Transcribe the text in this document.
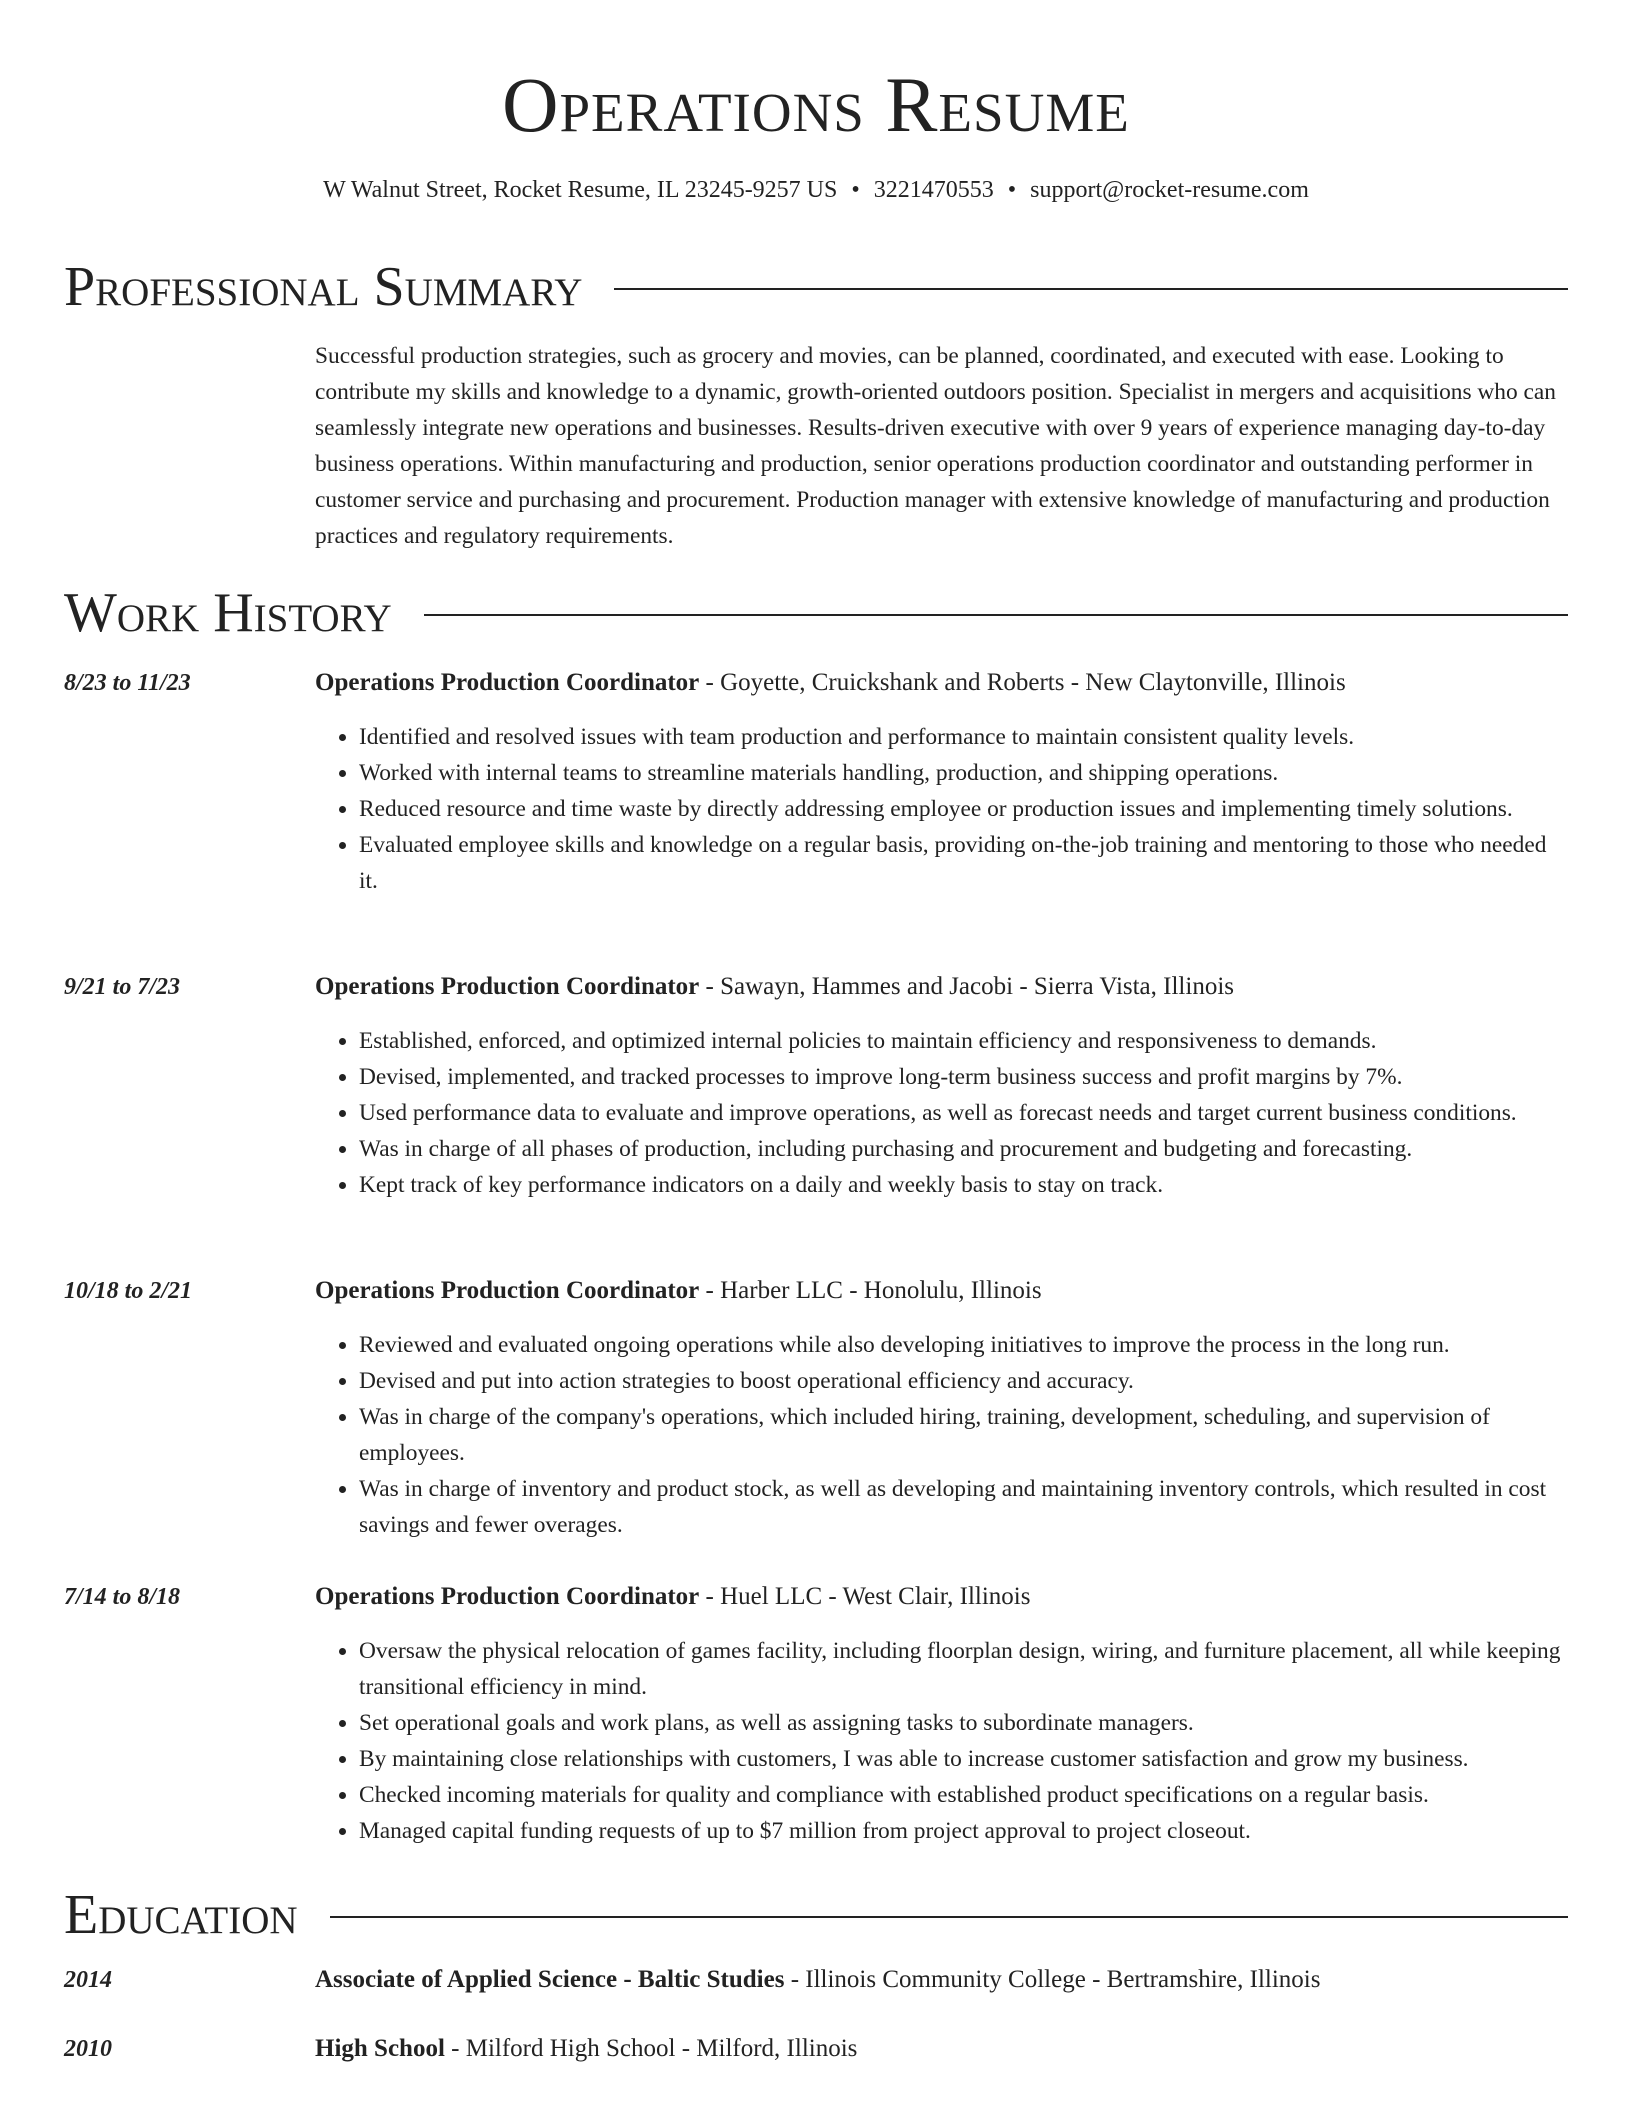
Operations Resume
W Walnut Street, Rocket Resume, IL 23245-9257 US • 3221470553 • support@rocket-resume.com
Professional Summary

Successful production strategies, such as grocery and movies, can be planned, coordinated, and executed with ease. Looking to contribute my skills and knowledge to a dynamic, growth-oriented outdoors position. Specialist in mergers and acquisitions who can seamlessly integrate new operations and businesses. Results-driven executive with over 9 years of experience managing day-to-day business operations. Within manufacturing and production, senior operations production coordinator and outstanding performer in customer service and purchasing and procurement. Production manager with extensive knowledge of manufacturing and production practices and regulatory requirements.

Work History
8/23 to 11/23	Operations Production Coordinator - Goyette, Cruickshank and Roberts - New Claytonville, Illinois
• Identified and resolved issues with team production and performance to maintain consistent quality levels.
• Worked with internal teams to streamline materials handling, production, and shipping operations.
• Reduced resource and time waste by directly addressing employee or production issues and implementing timely solutions.
• Evaluated employee skills and knowledge on a regular basis, providing on-the-job training and mentoring to those who needed it.
9/21 to 7/23	Operations Production Coordinator - Sawayn, Hammes and Jacobi - Sierra Vista, Illinois
• Established, enforced, and optimized internal policies to maintain efficiency and responsiveness to demands.
• Devised, implemented, and tracked processes to improve long-term business success and profit margins by 7%.
• Used performance data to evaluate and improve operations, as well as forecast needs and target current business conditions.
• Was in charge of all phases of production, including purchasing and procurement and budgeting and forecasting.
• Kept track of key performance indicators on a daily and weekly basis to stay on track.
10/18 to 2/21	Operations Production Coordinator - Harber LLC - Honolulu, Illinois
• Reviewed and evaluated ongoing operations while also developing initiatives to improve the process in the long run.
• Devised and put into action strategies to boost operational efficiency and accuracy.
• Was in charge of the company's operations, which included hiring, training, development, scheduling, and supervision of employees.
• Was in charge of inventory and product stock, as well as developing and maintaining inventory controls, which resulted in cost savings and fewer overages.
7/14 to 8/18	Operations Production Coordinator - Huel LLC - West Clair, Illinois
• Oversaw the physical relocation of games facility, including floorplan design, wiring, and furniture placement, all while keeping transitional efficiency in mind.
• Set operational goals and work plans, as well as assigning tasks to subordinate managers.
• By maintaining close relationships with customers, I was able to increase customer satisfaction and grow my business.
• Checked incoming materials for quality and compliance with established product specifications on a regular basis.
• Managed capital funding requests of up to $7 million from project approval to project closeout.
Education
2014	Associate of Applied Science - Baltic Studies - Illinois Community College - Bertramshire, Illinois
2010	High School - Milford High School - Milford, Illinois
